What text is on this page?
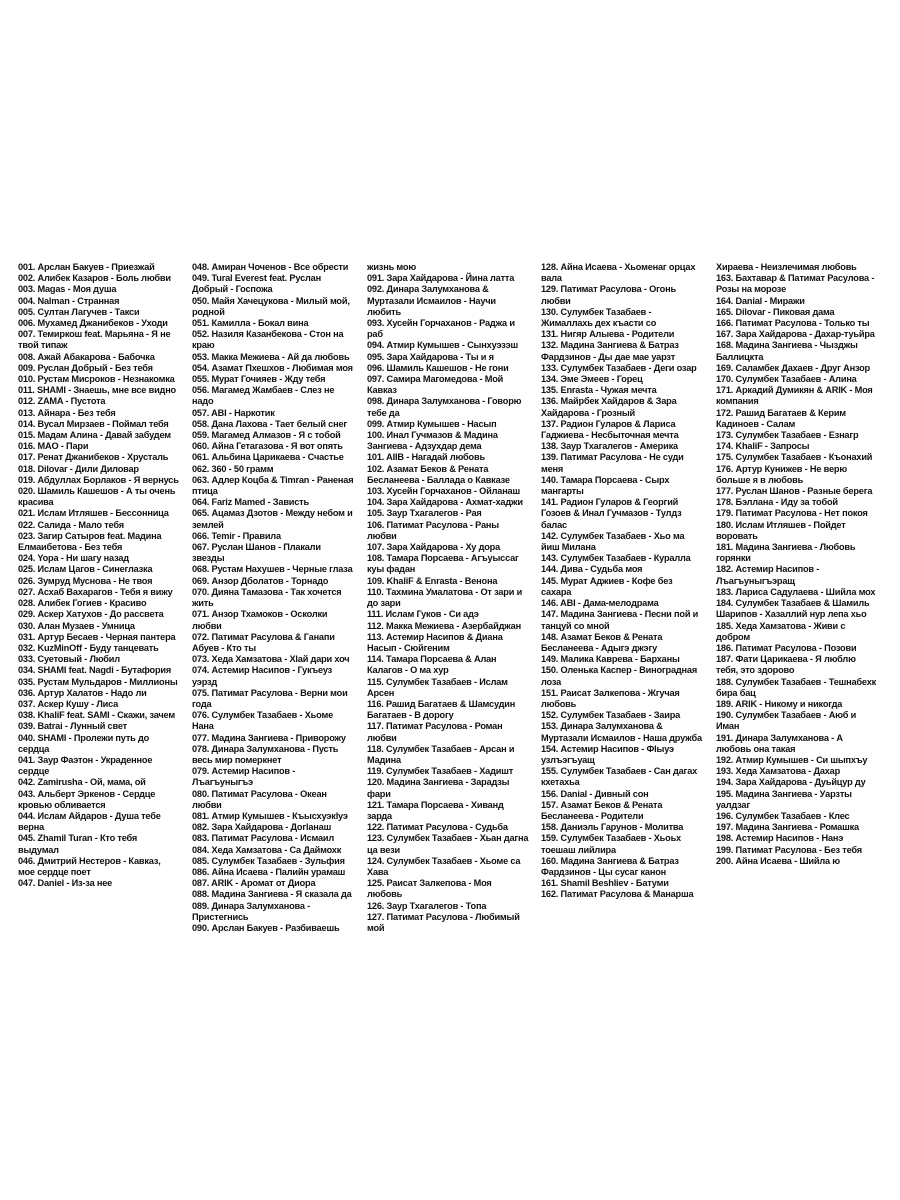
001. Арслан Бакуев - Приезжай
002. Алибек Казаров - Боль любви
003. Magas - Моя душа
004. Nalman - Странная
005. Султан Лагучев - Такси
006. Мухамед Джанибеков - Уходи
007. Темиркош feat. Марьяна - Я не твой типаж
008. Ажай Абакарова - Бабочка
009. Руслан Добрый - Без тебя
010. Рустам Мисроков - Незнакомка
011. SHAMI - Знаешь, мне все видно
012. ZAMA - Пустота
013. Айнара - Без тебя
014. Вусал Мирзаев - Поймал тебя
015. Мадам Алина - Давай забудем
016. MAO - Пари
017. Ренат Джанибеков - Хрусталь
018. Dilovar - Дили Диловар
019. Абдуллах Борлаков - Я вернусь
020. Шамиль Кашешов - А ты очень красива
021. Ислам Итляшев - Бессонница
022. Салида - Мало тебя
023. Загир Сатыров feat. Мадина Елмаибетова - Без тебя
024. Yopa - Ни шагу назад
025. Ислам Цагов - Синеглазка
026. Зумруд Муснова - Не твоя
027. Асхаб Вахарагов - Тебя я вижу
028. Алибек Гогиев - Красиво
029. Аскер Хатухов - До рассвета
030. Алан Музаев - Умница
031. Артур Бесаев - Черная пантера
032. KuzMinOff - Буду танцевать
033. Суетовый - Любил
034. SHAMI feat. Nagdi - Бутафория
035. Рустам Мульдаров - Миллионы
036. Артур Халатов - Надо ли
037. Аскер Кушу - Лиса
038. KhaliF feat. SAMI - Скажи, зачем
039. Batrai - Лунный свет
040. SHAMI - Пролежи путь до сердца
041. Заур Фаэтон - Украденное сердце
042. Zamirusha - Ой, мама, ой
043. Альберт Эркенов - Сердце кровью обливается
044. Ислам Айдаров - Душа тебе верна
045. Zhamil Turan - Кто тебя выдумал
046. Дмитрий Нестеров - Кавказ, мое сердце поет
047. Daniel - Из-за нее
048. Амиран Чоченов - Все обрести
049. Tural Everest feat. Руслан Добрый - Госпожа
050. Майя Хачецукова - Милый мой, родной
051. Камилла - Бокал вина
052. Назиля Казанбекова - Стон на краю
053. Макка Межиева - Ай да любовь
054. Азамат Пхешхов - Любимая моя
055. Мурат Гочияев - Жду тебя
056. Магамед Жамбаев - Слез не надо
057. ABI - Наркотик
058. Дана Лахова - Тает белый снег
059. Магамед Алмазов - Я с тобой
060. Айна Гетагазова - Я вот опять
061. Альбина Царикаева - Счастье
062. 360 - 50 грамм
063. Адлер Коцба & Timran - Раненая птица
064. Fariz Mamed - Зависть
065. Ацамаз Дзотов - Между небом и землей
066. Temir - Правила
067. Руслан Шанов - Плакали звезды
068. Рустам Нахушев - Черные глаза
069. Анзор Дболатов - Торнадо
070. Дияна Тамазова - Так хочется жить
071. Анзор Тхамоков - Осколки любви
072. Патимат Расулова & Ганапи Абуев - Кто ты
073. Хеда Хамзатова - Хlай дари хоч
074. Астемир Насипов - Гукъеуз уэрзд
075. Патимат Расулова - Верни мои года
076. Сулумбек Тазабаев - Хьоме Нана
077. Мадина Зангиева - Приворожу
078. Динара Залумханова - Пусть весь мир померкнет
079. Астемир Насипов - Лъагъуныгъэ
080. Патимат Расулова - Океан любви
081. Атмир Кумышев - Къысхуэкlуэ
082. Зара Хайдарова - Догlанаш
083. Патимат Расулова - Исмаил
084. Хеда Хамзатова - Са Даймохк
085. Сулумбек Тазабаев - Зульфия
086. Айна Исаева - Палийн урамаш
087. ARIK - Аромат от Диора
088. Мадина Зангиева - Я сказала да
089. Динара Залумханова - Пристегнись
090. Арслан Бакуев - Разбиваешь
жизнь мою
091. Зара Хайдарова - Йина латта
092. Динара Залумханова & Муртазали Исмаилов - Научи любить
093. Хусейн Горчаханов - Раджа и раб
094. Атмир Кумышев - Сынхуэзэш
095. Зара Хайдарова - Ты и я
096. Шамиль Кашешов - Не гони
097. Самира Магомедова - Мой Кавказ
098. Динара Залумханова - Говорю тебе да
099. Атмир Кумышев - Насып
100. Инал Гучмазов & Мадина Зангиева - Адзухдар дема
101. AIIB - Нагадай любовь
102. Азамат Беков & Рената Бесланеева - Баллада о Кавказе
103. Хусейн Горчаханов - Ойланаш
104. Зара Хайдарова - Ахмат-хаджи
105. Заур Тхагалегов - Рая
106. Патимат Расулова - Раны любви
107. Зара Хайдарова - Ху дора
108. Тамара Порсаева - Агъуыссаг куы фадан
109. KhaliF & Enrasta - Венона
110. Тахмина Умалатова - От зари и до зари
111. Ислам Гуков - Си адэ
112. Макка Межиева - Азербайджан
113. Астемир Насипов & Диана Насып - Сюйгеним
114. Тамара Порсаева & Алан Калагов - О ма хур
115. Сулумбек Тазабаев - Ислам Арсен
116. Рашид Багатаев & Шамсудин Багатаев - В дорогу
117. Патимат Расулова - Роман любви
118. Сулумбек Тазабаев - Арсан и Мадина
119. Сулумбек Тазабаев - Хадишт
120. Мадина Зангиева - Зарадзы фари
121. Тамара Порсаева - Хиванд зарда
122. Патимат Расулова - Судьба
123. Сулумбек Тазабаев - Хьан дагна ца вези
124. Сулумбек Тазабаев - Хьоме са Хава
125. Раисат Залкепова - Моя любовь
126. Заур Тхагалегов - Топа
127. Патимат Расулова - Любимый мой
128. Айна Исаева - Хьоменаг орцах вала
129. Патимат Расулова - Огонь любви
130. Сулумбек Тазабаев - Жималлахь дех къасти со
131. Нигяр Алыева - Родители
132. Мадина Зангиева & Батраз Фардзинов - Ды дае мае уарзт
133. Сулумбек Тазабаев - Деги озар
134. Эме Эмеев - Горец
135. Enrasta - Чужая мечта
136. Майрбек Хайдаров & Зара Хайдарова - Грозный
137. Радион Гуларов & Лариса Гаджиева - Несбыточная мечта
138. Заур Тхагалегов - Америка
139. Патимат Расулова - Не суди меня
140. Тамара Порсаева - Сырх мангарты
141. Радион Гуларов & Георгий Гозоев & Инал Гучмазов - Тулдз балас
142. Сулумбек Тазабаев - Хьо ма йиш Милана
143. Сулумбек Тазабаев - Куралла
144. Дива - Судьба моя
145. Мурат Аджиев - Кофе без сахара
146. ABI - Дама-мелодрама
147. Мадина Зангиева - Песни пой и танцуй со мной
148. Азамат Беков & Рената Бесланеева - Адыгэ джэгу
149. Малика Каврева - Барханы
150. Оленька Каспер - Виноградная лоза
151. Раисат Залкепова - Жгучая любовь
152. Сулумбек Тазабаев - Заира
153. Динара Залумханова & Муртазали Исмаилов - Наша дружба
154. Астемир Насипов - Фlыуэ узлъэгъуащ
155. Сулумбек Тазабаев - Сан дагах кхетахьа
156. Danial - Дивный сон
157. Азамат Беков & Рената Бесланеева - Родители
158. Даниэль Гарунов - Молитва
159. Сулумбек Тазабаев - Хьоьх тоешаш лийлира
160. Мадина Зангиева & Батраз Фардзинов - Цы сусаг канон
161. Shamil Beshliev - Батуми
162. Патимат Расулова & Манарша
Хираева - Неизлечимая любовь
163. Бахтавар & Патимат Расулова - Розы на морозе
164. Danial - Миражи
165. Dilovar - Пиковая дама
166. Патимат Расулова - Только ты
167. Зара Хайдарова - Дахар-туьйра
168. Мадина Зангиева - Чызджы Баллицкта
169. Саламбек Дахаев - Друг Анзор
170. Сулумбек Тазабаев - Алина
171. Аркадий Думикян & ARIK - Моя компания
172. Рашид Багатаев & Керим Кадиноев - Салам
173. Сулумбек Тазабаев - Езнагр
174. KhaliF - Запросы
175. Сулумбек Тазабаев - Къонахий
176. Артур Кунижев - Не верю больше я в любовь
177. Руслан Шанов - Разные берега
178. Бэллана - Иду за тобой
179. Патимат Расулова - Нет покоя
180. Ислам Итляшев - Пойдет воровать
181. Мадина Зангиева - Любовь горянки
182. Астемир Насипов - Лъагъуныгъэращ
183. Лариса Садулаева - Шийла мох
184. Сулумбек Тазабаев & Шамиль Шарипов - Хазаллий нур лепа хьо
185. Хеда Хамзатова - Живи с добром
186. Патимат Расулова - Позови
187. Фати Царикаева - Я люблю тебя, это здорово
188. Сулумбек Тазабаев - Тешнабехк бира бац
189. ARIK - Никому и никогда
190. Сулумбек Тазабаев - Аюб и Иман
191. Динара Залумханова - А любовь она такая
192. Атмир Кумышев - Си шыпхъу
193. Хеда Хамзатова - Дахар
194. Зара Хайдарова - Дуьйцур ду
195. Мадина Зангиева - Уарзты уалдзаг
196. Сулумбек Тазабаев - Клес
197. Мадина Зангиева - Ромашка
198. Астемир Насипов - Нанэ
199. Патимат Расулова - Без тебя
200. Айна Исаева - Шийла ю
